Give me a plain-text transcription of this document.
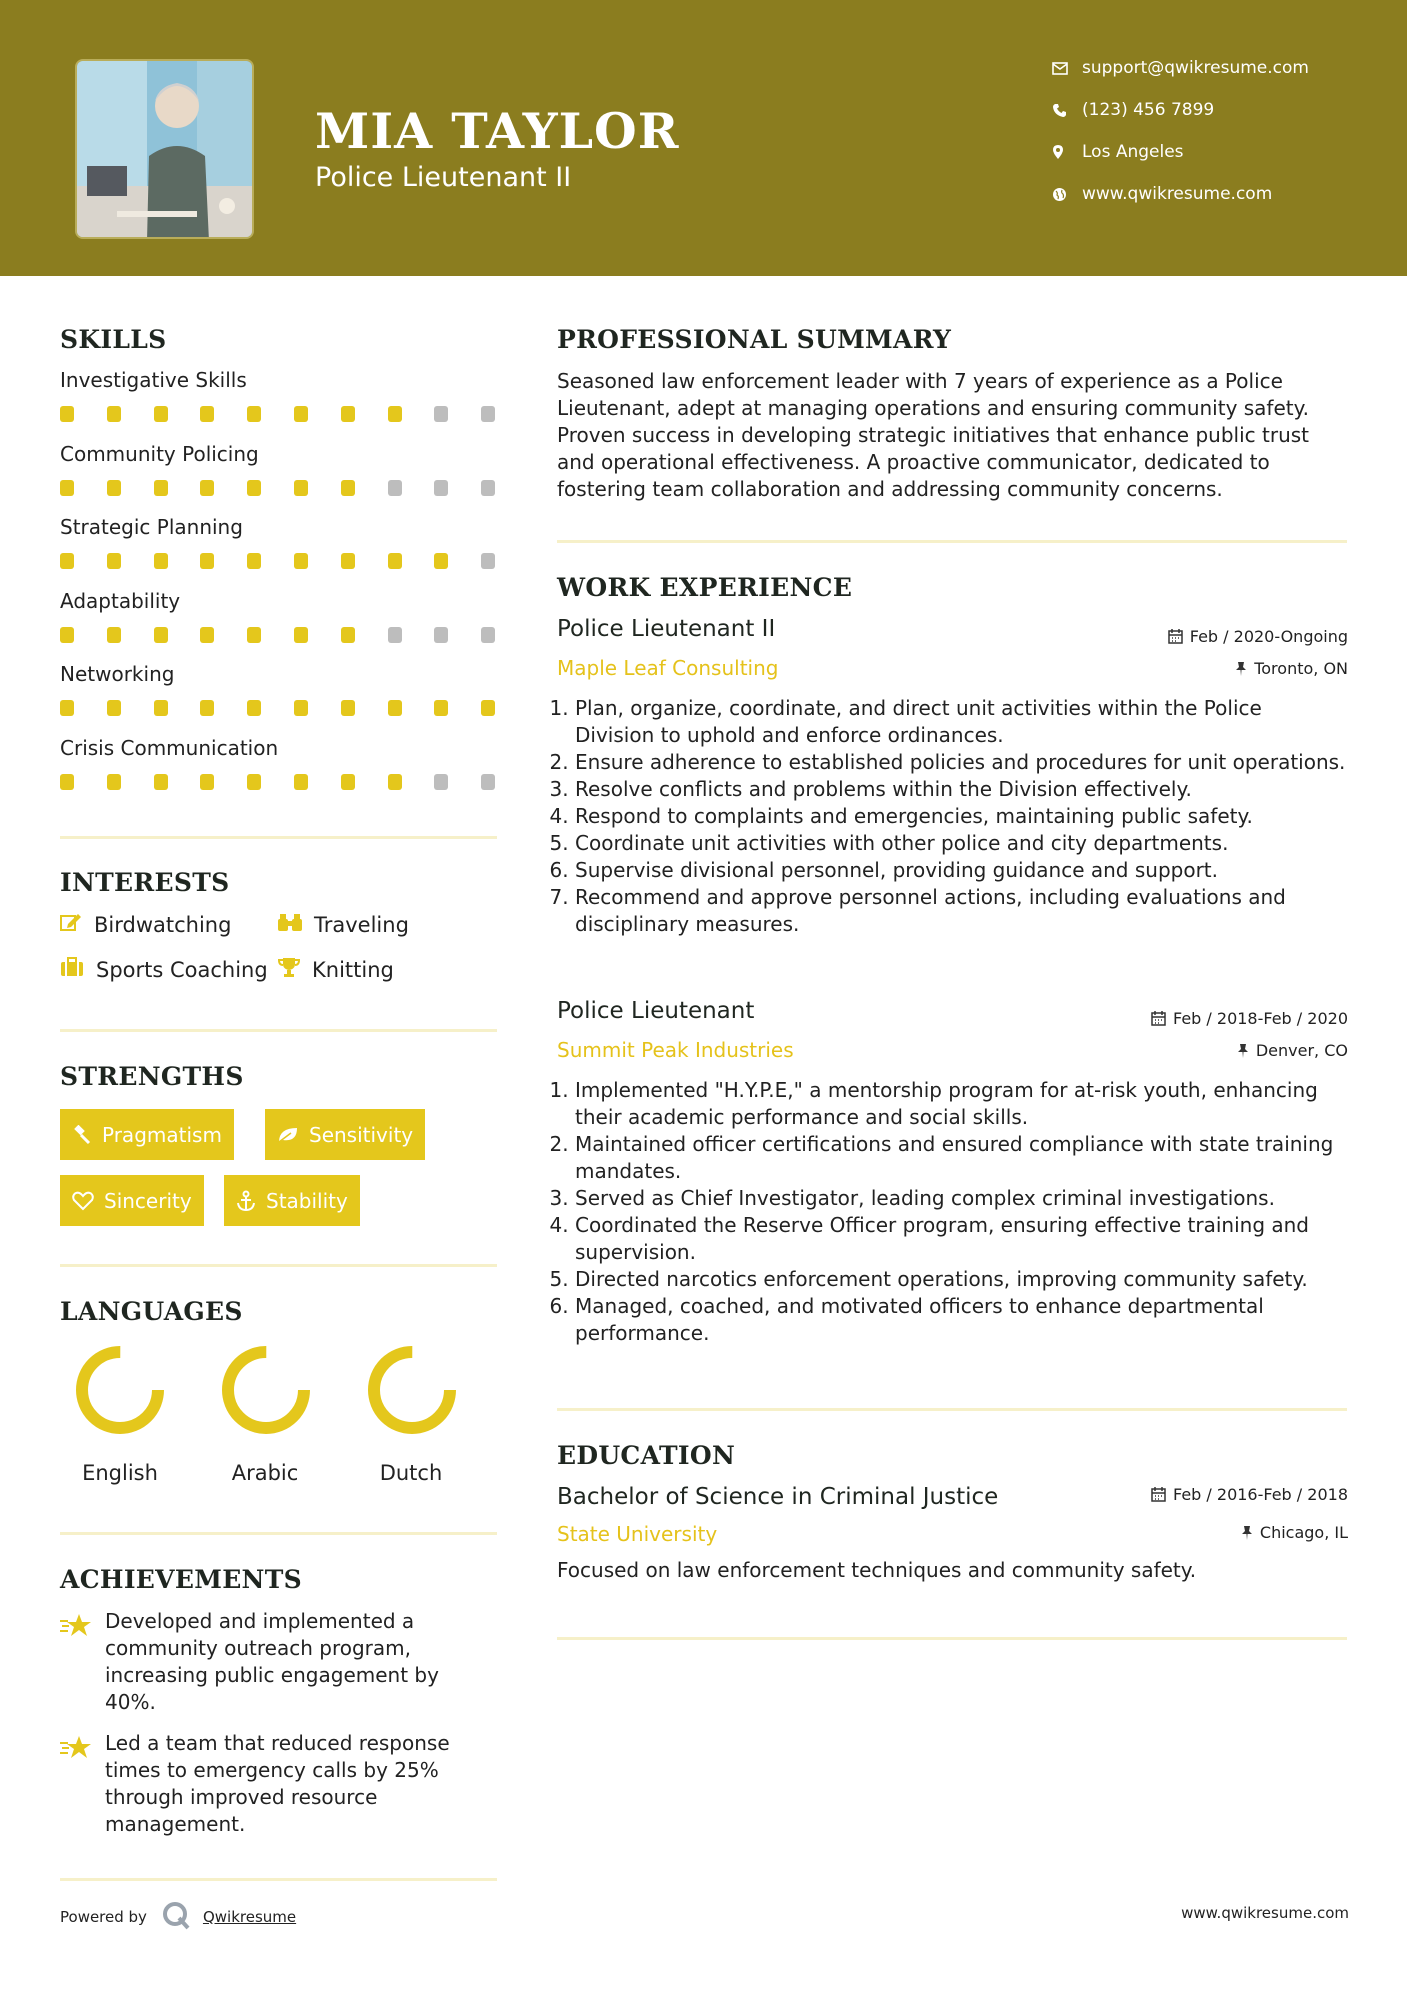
MIA TAYLOR
Police Lieutenant II
support@qwikresume.com
(123) 456 7899
Los Angeles
www.qwikresume.com
SKILLS
Investigative Skills
Community Policing
Strategic Planning
Adaptability
Networking
Crisis Communication
INTERESTS
Birdwatching	Traveling
Sports Coaching Knitting
STRENGTHS
Pragmatism	Sensitivity
Sincerity	Stability
LANGUAGES
English	Arabic	Dutch
ACHIEVEMENTS
Developed and implemented a community outreach program, increasing public engagement by 40%.
Led a team that reduced response times to emergency calls by 25% through improved resource management.
PROFESSIONAL SUMMARY
Seasoned law enforcement leader with 7 years of experience as a Police Lieutenant, adept at managing operations and ensuring community safety. Proven success in developing strategic initiatives that enhance public trust and operational effectiveness. A proactive communicator, dedicated to fostering team collaboration and addressing community concerns.
WORK EXPERIENCE
Police Lieutenant II
Maple Leaf Consulting
Feb / 2020-Ongoing
Toronto, ON
1. Plan, organize, coordinate, and direct unit activities within the Police Division to uphold and enforce ordinances.
2. Ensure adherence to established policies and procedures for unit operations.
3. Resolve conflicts and problems within the Division effectively.
4. Respond to complaints and emergencies, maintaining public safety.
5. Coordinate unit activities with other police and city departments.
6. Supervise divisional personnel, providing guidance and support.
7. Recommend and approve personnel actions, including evaluations and disciplinary measures.
Police Lieutenant
Summit Peak Industries
Feb / 2018-Feb / 2020
Denver, CO
1. Implemented "H.Y.P.E," a mentorship program for at-risk youth, enhancing their academic performance and social skills.
2. Maintained officer certifications and ensured compliance with state training mandates.
3. Served as Chief Investigator, leading complex criminal investigations.
4. Coordinated the Reserve Officer program, ensuring effective training and supervision.
5. Directed narcotics enforcement operations, improving community safety.
6. Managed, coached, and motivated officers to enhance departmental performance.
EDUCATION
Bachelor of Science in Criminal Justice
State University
Feb / 2016-Feb / 2018
Chicago, IL
Focused on law enforcement techniques and community safety.
Powered by	Qwikresume	www.qwikresume.com
